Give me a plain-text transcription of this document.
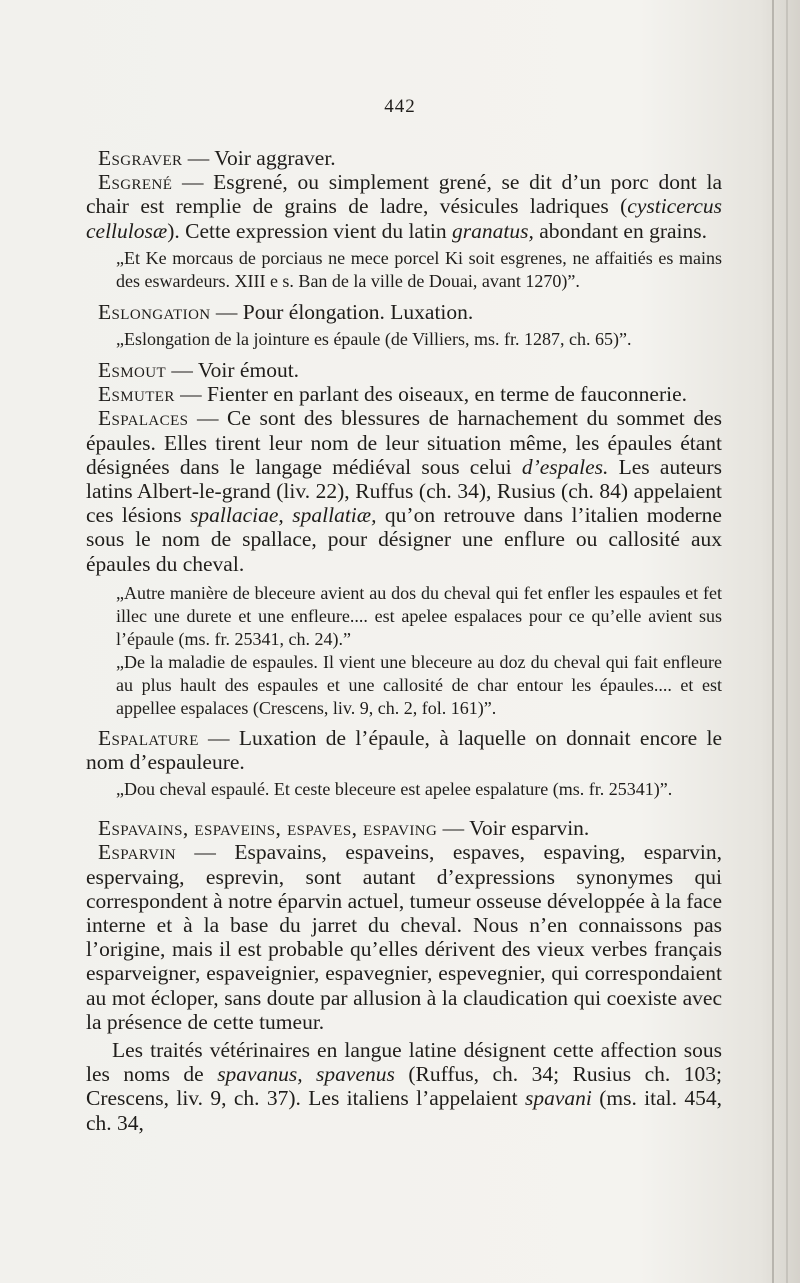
442

Esgraver — Voir aggraver.

Esgrené — Esgrené, ou simplement grené, se dit d’un porc dont la chair est remplie de grains de ladre, vésicules ladriques (cysticercus cellulosæ). Cette expression vient du latin granatus, abondant en grains.

„Et Ke morcaus de porciaus ne mece porcel Ki soit esgrenes, ne affaitiés es mains des eswardeurs. XIII e s. Ban de la ville de Douai, avant 1270)”.

Eslongation — Pour élongation. Luxation.

„Eslongation de la jointure es épaule (de Villiers, ms. fr. 1287, ch. 65)”.

Esmout — Voir émout.

Esmuter — Fienter en parlant des oiseaux, en terme de fauconnerie.

Espalaces — Ce sont des blessures de harnachement du sommet des épaules. Elles tirent leur nom de leur situation même, les épaules étant désignées dans le langage médiéval sous celui d’espales. Les auteurs latins Albert-le-grand (liv. 22), Ruffus (ch. 34), Rusius (ch. 84) appelaient ces lésions spallaciae, spallatiæ, qu’on retrouve dans l’italien moderne sous le nom de spallace, pour désigner une enflure ou callosité aux épaules du cheval.

„Autre manière de bleceure avient au dos du cheval qui fet enfler les espaules et fet illec une durete et une enfleure.... est apelee espalaces pour ce qu’elle avient sus l’épaule (ms. fr. 25341, ch. 24).”

„De la maladie de espaules. Il vient une bleceure au doz du cheval qui fait enfleure au plus hault des espaules et une callosité de char entour les épaules.... et est appellee espalaces (Crescens, liv. 9, ch. 2, fol. 161)”.

Espalature — Luxation de l’épaule, à laquelle on donnait encore le nom d’espauleure.

„Dou cheval espaulé. Et ceste bleceure est apelee espalature (ms. fr. 25341)”.

Espavains, espaveins, espaves, espaving — Voir esparvin.

Esparvin — Espavains, espaveins, espaves, espaving, esparvin, espervaing, esprevin, sont autant d’expressions synonymes qui correspondent à notre éparvin actuel, tumeur osseuse développée à la face interne et à la base du jarret du cheval. Nous n’en connaissons pas l’origine, mais il est probable qu’elles dérivent des vieux verbes français esparveigner, espaveignier, espavegnier, espevegnier, qui correspondaient au mot écloper, sans doute par allusion à la claudication qui coexiste avec la présence de cette tumeur.

Les traités vétérinaires en langue latine désignent cette affection sous les noms de spavanus, spavenus (Ruffus, ch. 34; Rusius ch. 103; Crescens, liv. 9, ch. 37). Les italiens l’appelaient spavani (ms. ital. 454, ch. 34,
